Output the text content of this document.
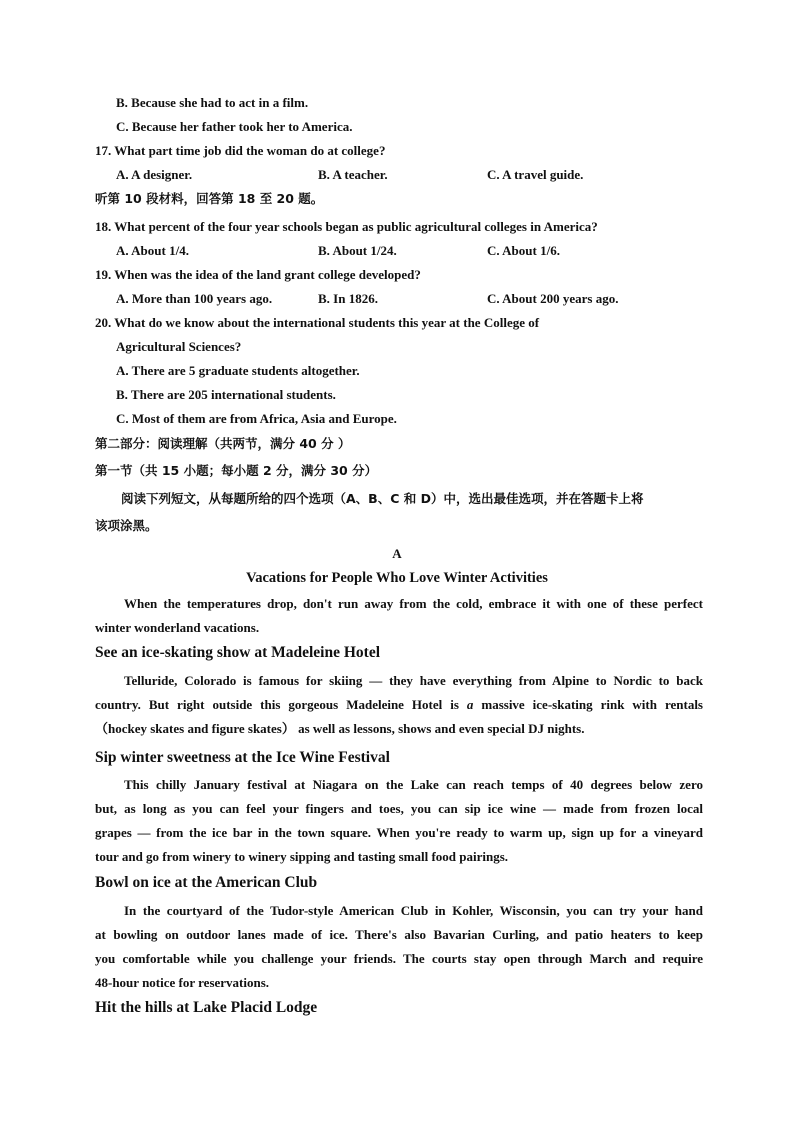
B. Because she had to act in a film.
C. Because her father took her to America.
17. What part time job did the woman do at college?
A. A designer.	B. A teacher.	C. A travel guide.
听第 10 段材料，回答第 18 至 20 题。
18. What percent of the four year schools began as public agricultural colleges in America?
A. About 1/4.	B. About 1/24.	C. About 1/6.
19. When was the idea of the land grant college developed?
A. More than 100 years ago.	B. In 1826.	C. About 200 years ago.
20. What do we know about the international students this year at the College of
Agricultural Sciences?
A. There are 5 graduate students altogether.
B. There are 205 international students.
C. Most of them are from Africa, Asia and Europe.
第二部分：阅读理解（共两节，满分 40 分 ）
第一节（共 15 小题；每小题 2 分，满分 30 分）
阅读下列短文，从每题所给的四个选项（A、B、C 和 D）中，选出最佳选项，并在答题卡上将
该项涂黑。
A
Vacations for People Who Love Winter Activities
When the temperatures drop, don't run away from the cold, embrace it with one of these perfect
winter wonderland vacations.
See an ice-skating show at Madeleine Hotel
Telluride, Colorado is famous for skiing — they have everything from Alpine to Nordic to back
country. But right outside this gorgeous Madeleine Hotel is a massive ice-skating rink with rentals
（hockey skates and figure skates） as well as lessons, shows and even special DJ nights.
Sip winter sweetness at the Ice Wine Festival
This chilly January festival at Niagara on the Lake can reach temps of 40 degrees below zero
but, as long as you can feel your fingers and toes, you can sip ice wine — made from frozen local
grapes — from the ice bar in the town square. When you're ready to warm up, sign up for a vineyard
tour and go from winery to winery sipping and tasting small food pairings.
Bowl on ice at the American Club
In the courtyard of the Tudor-style American Club in Kohler, Wisconsin, you can try your hand
at bowling on outdoor lanes made of ice. There's also Bavarian Curling, and patio heaters to keep
you comfortable while you challenge your friends. The courts stay open through March and require
48-hour notice for reservations.
Hit the hills at Lake Placid Lodge
